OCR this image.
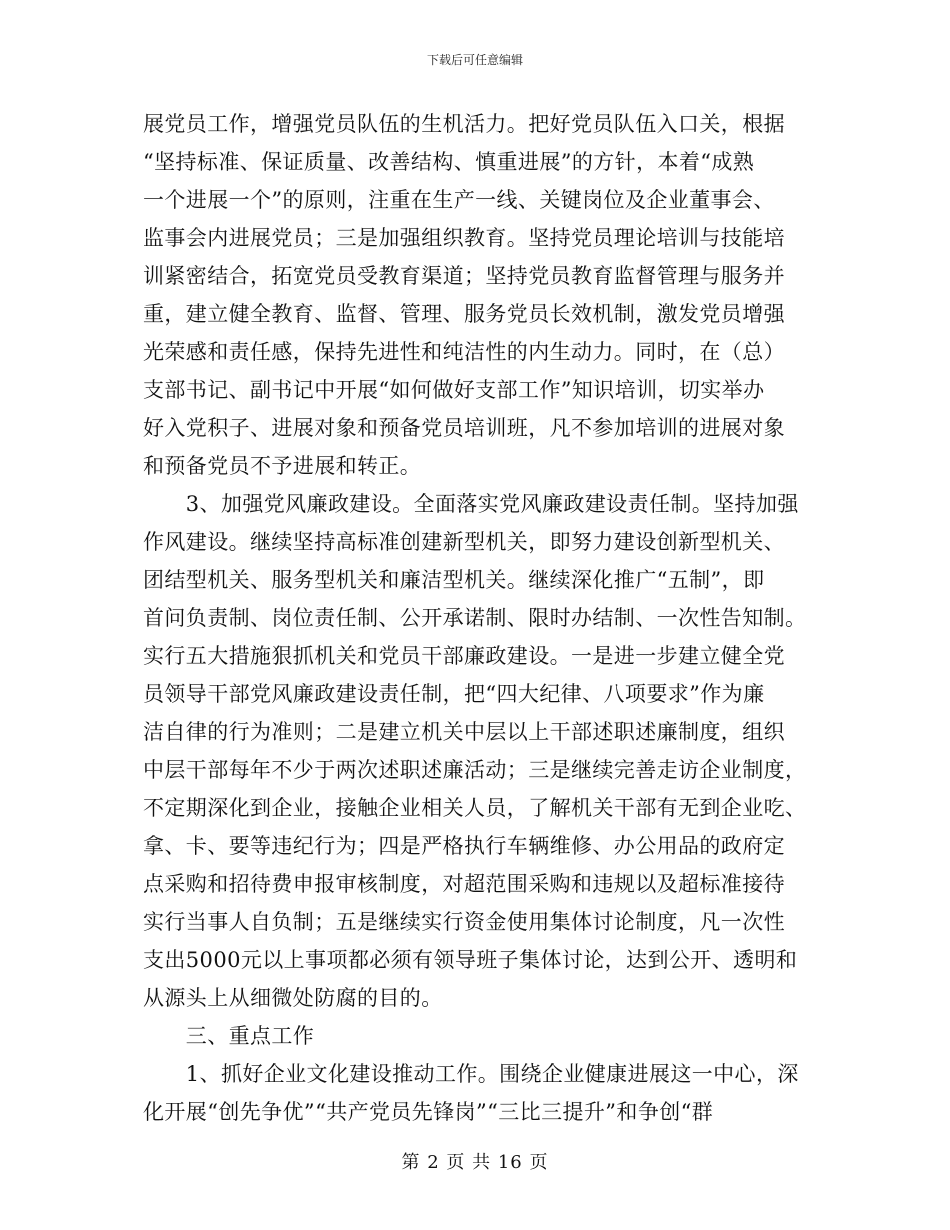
下载后可任意编辑
展党员工作，增强党员队伍的生机活力。把好党员队伍入口关，根据
“坚持标准、保证质量、改善结构、慎重进展”的方针，本着“成熟
一个进展一个”的原则，注重在生产一线、关键岗位及企业董事会、
监事会内进展党员；三是加强组织教育。坚持党员理论培训与技能培
训紧密结合，拓宽党员受教育渠道；坚持党员教育监督管理与服务并
重，建立健全教育、监督、管理、服务党员长效机制，激发党员增强
光荣感和责任感，保持先进性和纯洁性的内生动力。同时，在（总）
支部书记、副书记中开展“如何做好支部工作”知识培训，切实举办
好入党积子、进展对象和预备党员培训班，凡不参加培训的进展对象
和预备党员不予进展和转正。
　　3、加强党风廉政建设。全面落实党风廉政建设责任制。坚持加强
作风建设。继续坚持高标准创建新型机关，即努力建设创新型机关、
团结型机关、服务型机关和廉洁型机关。继续深化推广“五制”，即
首问负责制、岗位责任制、公开承诺制、限时办结制、一次性告知制。
实行五大措施狠抓机关和党员干部廉政建设。一是进一步建立健全党
员领导干部党风廉政建设责任制，把“四大纪律、八项要求”作为廉
洁自律的行为准则；二是建立机关中层以上干部述职述廉制度，组织
中层干部每年不少于两次述职述廉活动；三是继续完善走访企业制度，
不定期深化到企业，接触企业相关人员，了解机关干部有无到企业吃、
拿、卡、要等违纪行为；四是严格执行车辆维修、办公用品的政府定
点采购和招待费申报审核制度，对超范围采购和违规以及超标准接待
实行当事人自负制；五是继续实行资金使用集体讨论制度，凡一次性
支出5000元以上事项都必须有领导班子集体讨论，达到公开、透明和
从源头上从细微处防腐的目的。
　　三、重点工作
　　1、抓好企业文化建设推动工作。围绕企业健康进展这一中心，深
化开展“创先争优”“共产党员先锋岗”“三比三提升”和争创“群
第 2 页 共 16 页
